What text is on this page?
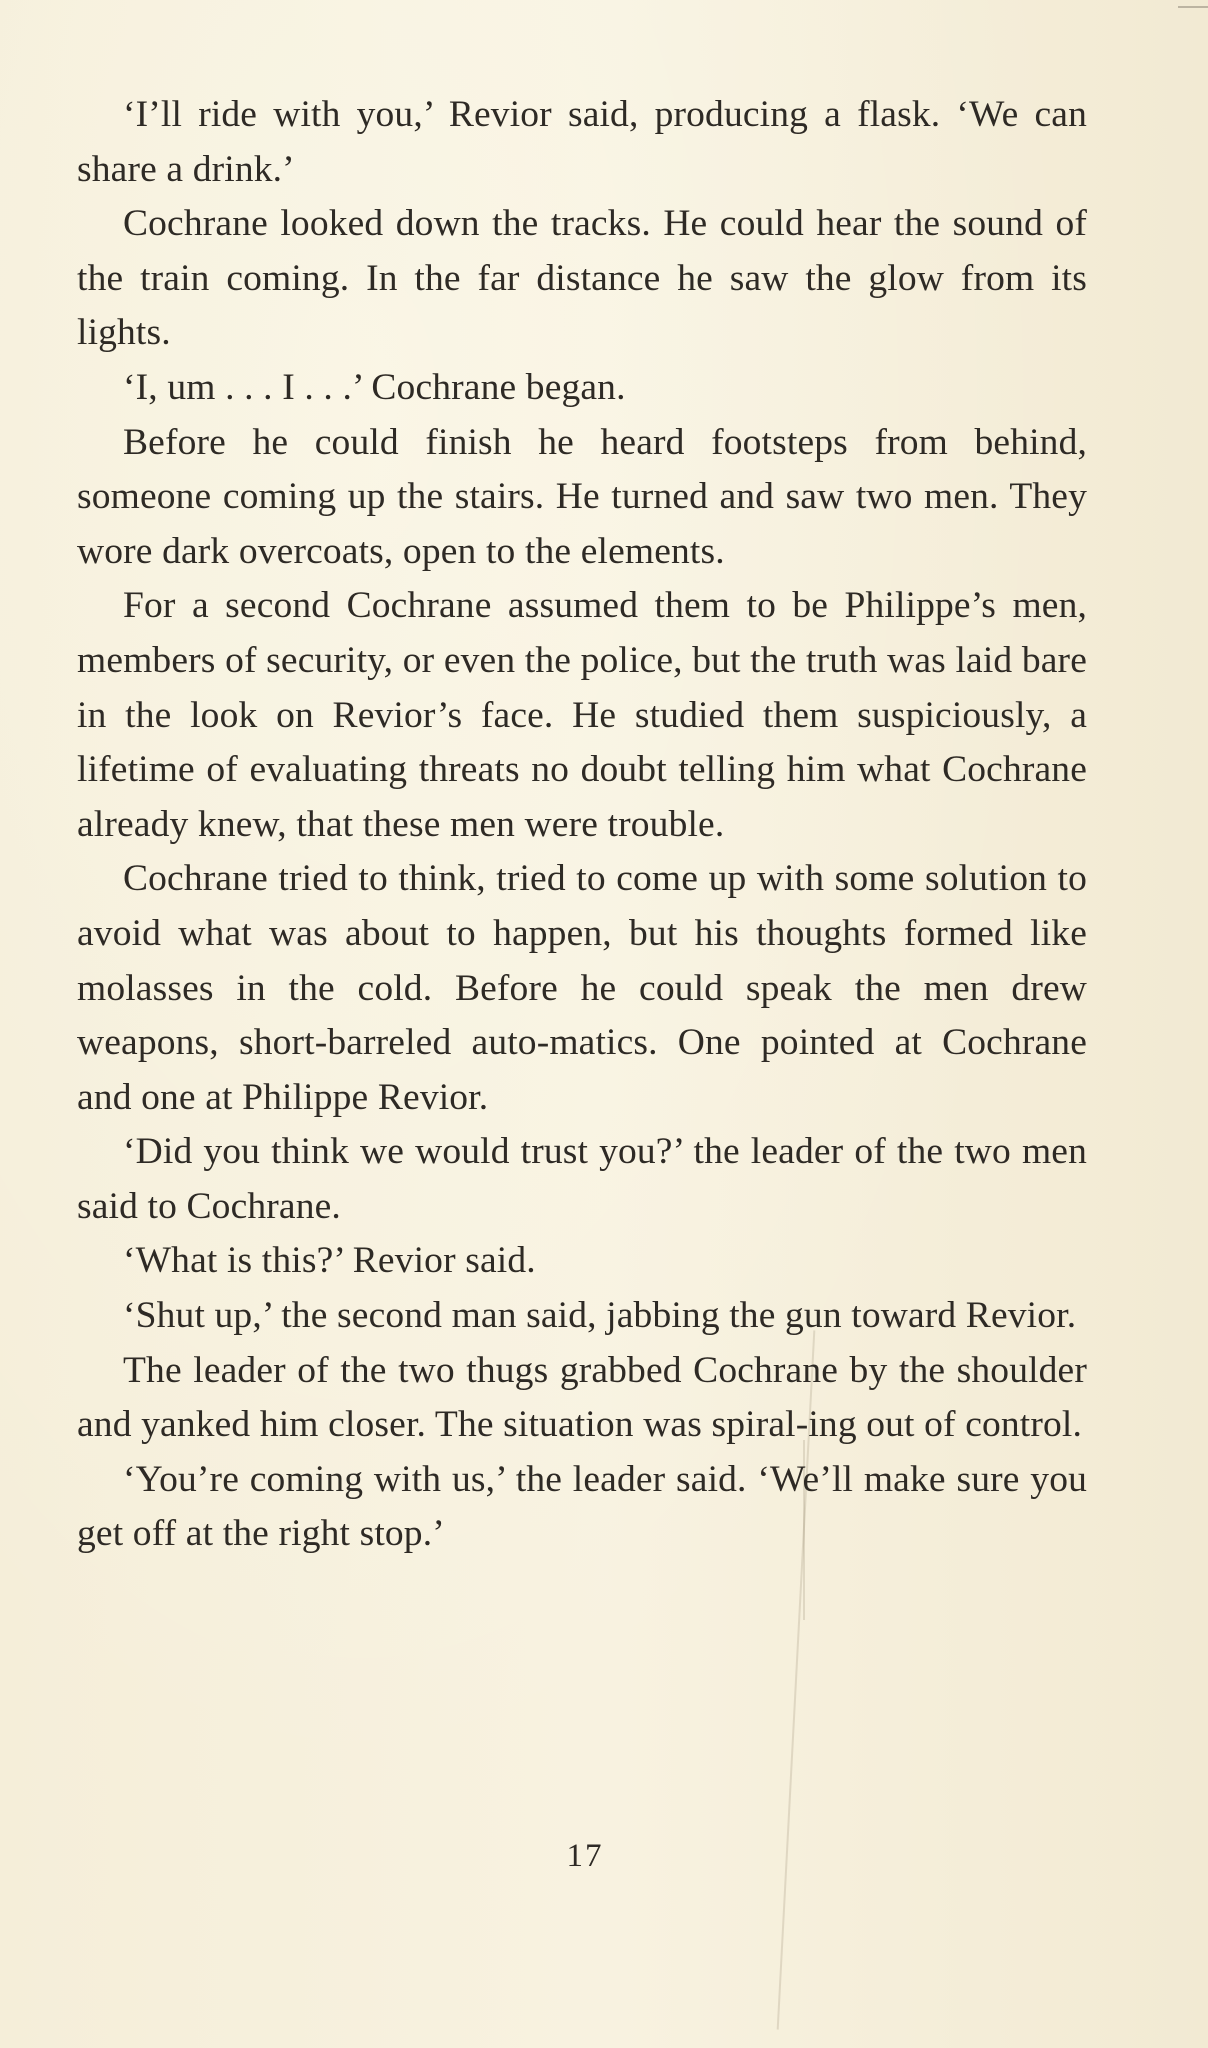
‘I’ll ride with you,’ Revior said, producing a flask. ‘We can share a drink.’

Cochrane looked down the tracks. He could hear the sound of the train coming. In the far distance he saw the glow from its lights.

‘I, um . . . I . . .’ Cochrane began.

Before he could finish he heard footsteps from behind, someone coming up the stairs. He turned and saw two men. They wore dark overcoats, open to the elements.

For a second Cochrane assumed them to be Philippe’s men, members of security, or even the police, but the truth was laid bare in the look on Revior’s face. He studied them suspiciously, a lifetime of evaluating threats no doubt telling him what Cochrane already knew, that these men were trouble.

Cochrane tried to think, tried to come up with some solution to avoid what was about to happen, but his thoughts formed like molasses in the cold. Before he could speak the men drew weapons, short-barreled auto-matics. One pointed at Cochrane and one at Philippe Revior.

‘Did you think we would trust you?’ the leader of the two men said to Cochrane.

‘What is this?’ Revior said.

‘Shut up,’ the second man said, jabbing the gun toward Revior.

The leader of the two thugs grabbed Cochrane by the shoulder and yanked him closer. The situation was spiral-ing out of control.

‘You’re coming with us,’ the leader said. ‘We’ll make sure you get off at the right stop.’

17
